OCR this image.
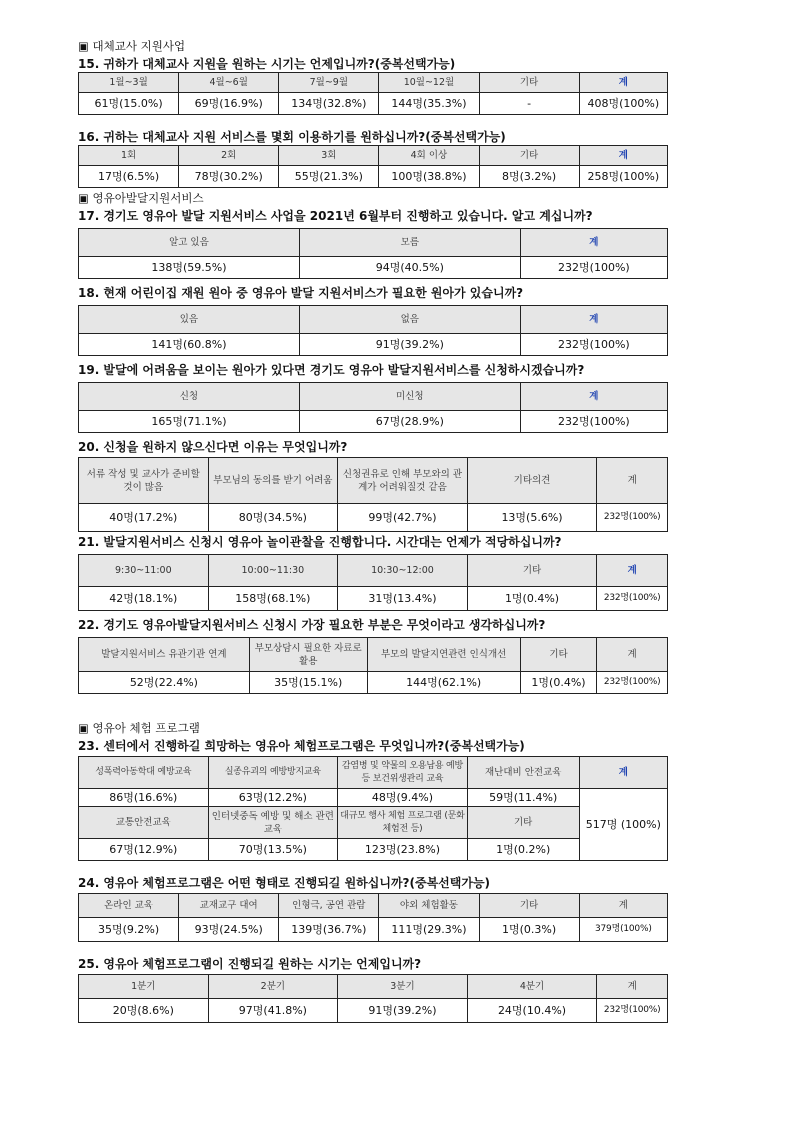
▣ 대체교사 지원사업
15. 귀하가 대체교사 지원을 원하는 시기는 언제입니까?(중복선택가능)
1월~3월	4월~6월	7월~9월	10월~12월	기타	계
61명(15.0%)	69명(16.9%)	134명(32.8%)	144명(35.3%)	-	408명(100%)
16. 귀하는 대체교사 지원 서비스를 몇회 이용하기를 원하십니까?(중복선택가능)
1회	2회	3회	4회 이상	기타	계
17명(6.5%)	78명(30.2%)	55명(21.3%)	100명(38.8%)	8명(3.2%)	258명(100%)
▣ 영유아발달지원서비스
17. 경기도 영유아 발달 지원서비스 사업을 2021년 6월부터 진행하고 있습니다. 알고 계십니까?
알고 있음	모름	계
138명(59.5%)	94명(40.5%)	232명(100%)
18. 현재 어린이집 재원 원아 중 영유아 발달 지원서비스가 필요한 원아가 있습니까?
있음	없음	계
141명(60.8%)	91명(39.2%)	232명(100%)
19. 발달에 어려움을 보이는 원아가 있다면 경기도 영유아 발달지원서비스를 신청하시겠습니까?
신청	미신청	계
165명(71.1%)	67명(28.9%)	232명(100%)
20. 신청을 원하지 않으신다면 이유는 무엇입니까?
서류 작성 및 교사가 준비할 것이 많음	부모님의 동의를 받기 어려움	신청권유로 인해 부모와의 관계가 어려워질것 같음	기타의견	계
40명(17.2%)	80명(34.5%)	99명(42.7%)	13명(5.6%)	232명(100%)
21. 발달지원서비스 신청시 영유아 놀이관찰을 진행합니다. 시간대는 언제가 적당하십니까?
9:30~11:00	10:00~11:30	10:30~12:00	기타	계
42명(18.1%)	158명(68.1%)	31명(13.4%)	1명(0.4%)	232명(100%)
22. 경기도 영유아발달지원서비스 신청시 가장 필요한 부분은 무엇이라고 생각하십니까?
발달지원서비스 유관기관 연계	부모상담시 필요한 자료로 활용	부모의 발달지연관련 인식개선	기타	계
52명(22.4%)	35명(15.1%)	144명(62.1%)	1명(0.4%)	232명(100%)
▣ 영유아 체험 프로그램
23. 센터에서 진행하길 희망하는 영유아 체험프로그램은 무엇입니까?(중복선택가능)
성폭력아동학대 예방교육	실종유괴의 예방방지교육	감염병 및 약물의 오용남용 예방 등 보건위생관리 교육	재난대비 안전교육	계
86명(16.6%)	63명(12.2%)	48명(9.4%)	59명(11.4%)	517명 (100%)
교통안전교육	인터넷중독 예방 및 해소 관련 교육	대규모 행사 체험 프로그램 (문화체험전 등)	기타	
67명(12.9%)	70명(13.5%)	123명(23.8%)	1명(0.2%)	
24. 영유아 체험프로그램은 어떤 형태로 진행되길 원하십니까?(중복선택가능)
온라인 교육	교재교구 대여	인형극, 공연 관람	야외 체험활동	기타	계
35명(9.2%)	93명(24.5%)	139명(36.7%)	111명(29.3%)	1명(0.3%)	379명(100%)
25. 영유아 체험프로그램이 진행되길 원하는 시기는 언제입니까?
1분기	2분기	3분기	4분기	계
20명(8.6%)	97명(41.8%)	91명(39.2%)	24명(10.4%)	232명(100%)
